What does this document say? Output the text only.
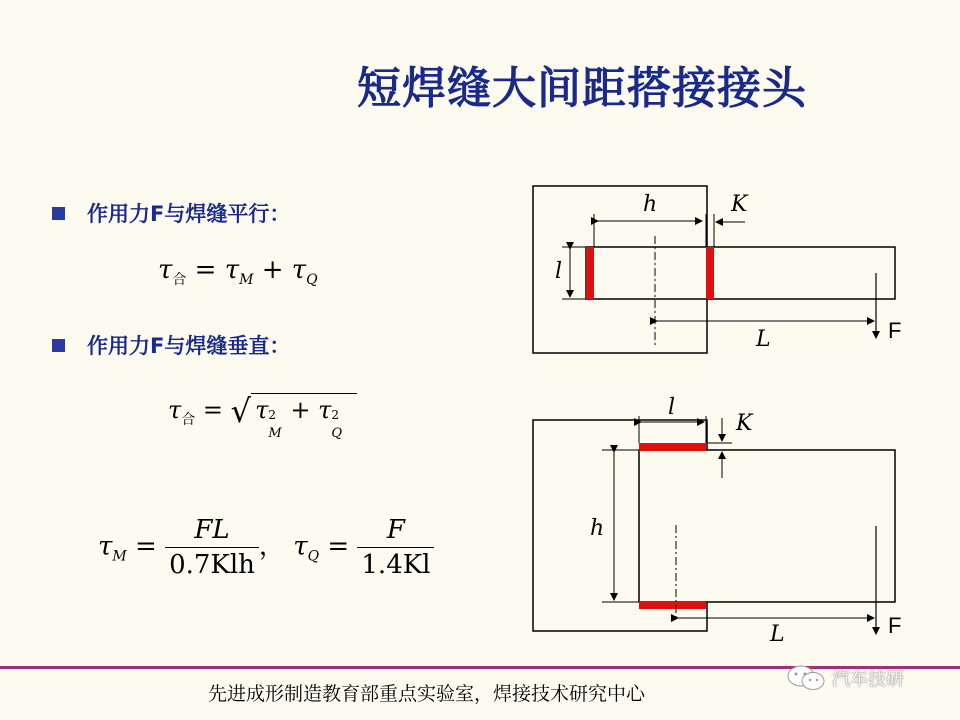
短焊缝大间距搭接接头
作用力F与焊缝平行：
作用力F与焊缝垂直：
$\tau_合 = \tau_M + \tau_Q$
$\tau_合$ = √ τ 2
M
+ τ 2
Q
$\tau_M = \frac{FL}{\text{0.7Klh}}$ ， $\tau_Q = \frac{F}{1.4Kl}$
h	K
l
L
l
K
h
L
F
F
先进成形制造教育部重点实验室，焊接技术研究中心
汽车技研
